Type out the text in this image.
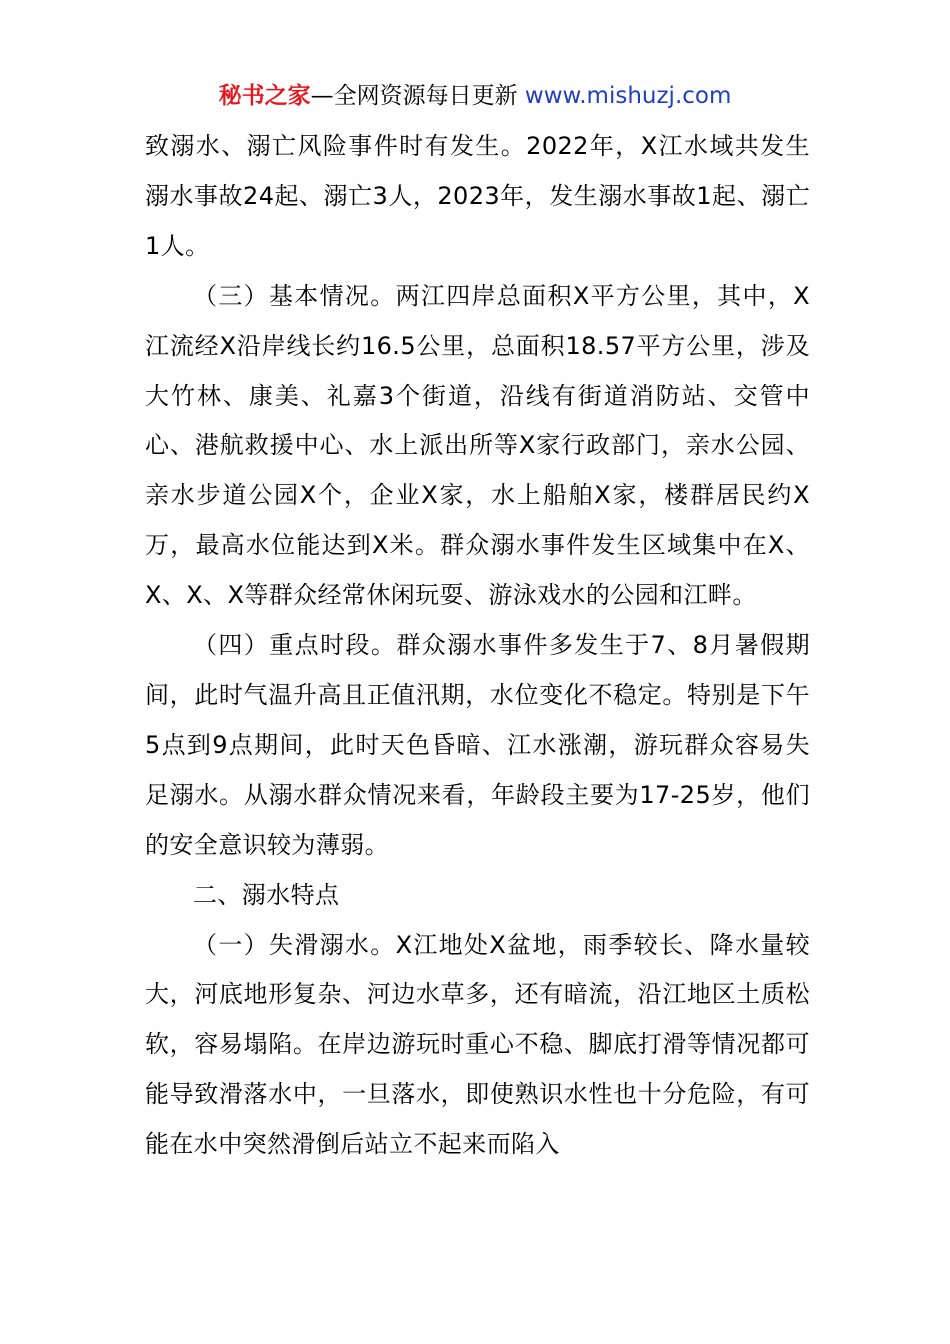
秘书之家—全网资源每日更新 www.mishuzj.com

致溺水、溺亡风险事件时有发生。2022年，X江水域共发生溺水事故24起、溺亡3人，2023年，发生溺水事故1起、溺亡1人。

（三）基本情况。两江四岸总面积X平方公里，其中，X江流经X沿岸线长约16.5公里，总面积18.57平方公里，涉及大竹林、康美、礼嘉3个街道，沿线有街道消防站、交管中心、港航救援中心、水上派出所等X家行政部门，亲水公园、亲水步道公园X个，企业X家，水上船舶X家，楼群居民约X万，最高水位能达到X米。群众溺水事件发生区域集中在X、X、X、X等群众经常休闲玩耍、游泳戏水的公园和江畔。

（四）重点时段。群众溺水事件多发生于7、8月暑假期间，此时气温升高且正值汛期，水位变化不稳定。特别是下午5点到9点期间，此时天色昏暗、江水涨潮，游玩群众容易失足溺水。从溺水群众情况来看，年龄段主要为17-25岁，他们的安全意识较为薄弱。

二、溺水特点

（一）失滑溺水。X江地处X盆地，雨季较长、降水量较大，河底地形复杂、河边水草多，还有暗流，沿江地区土质松软，容易塌陷。在岸边游玩时重心不稳、脚底打滑等情况都可能导致滑落水中，一旦落水，即使熟识水性也十分危险，有可能在水中突然滑倒后站立不起来而陷入
